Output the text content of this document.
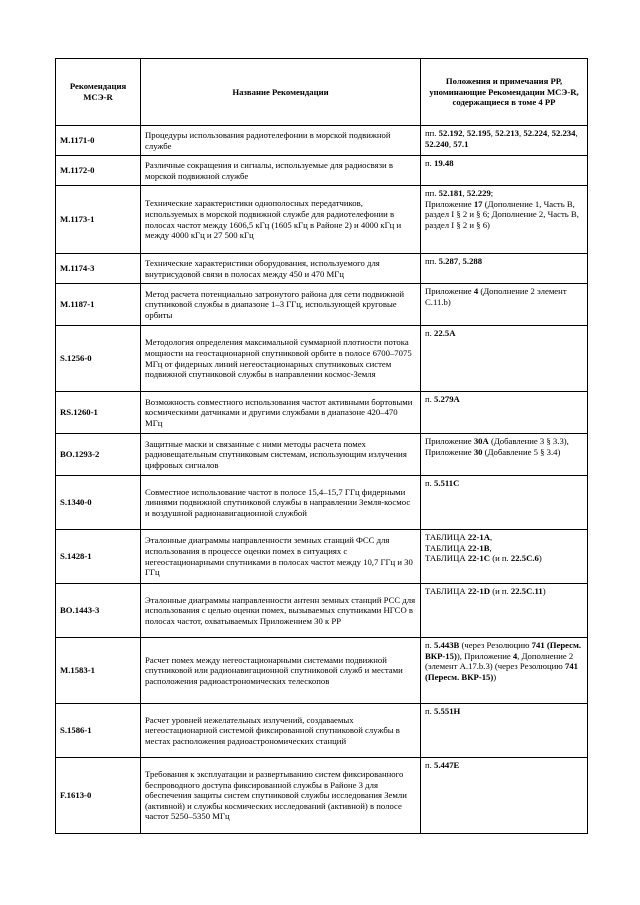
Рекомендация МСЭ-R	Название Рекомендации	Положения и примечания РР, упоминающие Рекомендации МСЭ-R, содержащиеся в томе 4 РР
M.1171-0	Процедуры использования радиотелефонии в морской подвижной службе	пп. 52.192, 52.195, 52.213, 52.224, 52.234, 52.240, 57.1
M.1172-0	Различные сокращения и сигналы, используемые для радиосвязи в морской подвижной службе	п. 19.48
M.1173-1	Технические характеристики однополосных передатчиков, используемых в морской подвижной службе для радиотелефонии в полосах частот между 1606,5 кГц (1605 кГц в Районе 2) и 4000 кГц и между 4000 кГц и 27 500 кГц	пп. 52.181, 52.229;
Приложение 17 (Дополнение 1, Часть B, раздел I § 2 и § 6; Дополнение 2, Часть B, раздел I § 2 и § 6)
M.1174-3	Технические характеристики оборудования, используемого для внутрисудовой связи в полосах между 450 и 470 МГц	пп. 5.287, 5.288
M.1187-1	Метод расчета потенциально затронутого района для сети подвижной спутниковой службы в диапазоне 1–3 ГГц, использующей круговые орбиты	Приложение 4 (Дополнение 2 элемент C.11.b)
S.1256-0	Методология определения максимальной суммарной плотности потока мощности на геостационарной спутниковой орбите в полосе 6700–7075 МГц от фидерных линий негеостационарных спутниковых систем подвижной спутниковой службы в направлении космос-Земля	п. 22.5A
RS.1260-1	Возможность совместного использования частот активными бортовыми космическими датчиками и другими службами в диапазоне 420–470 МГц	п. 5.279A
BO.1293-2	Защитные маски и связанные с ними методы расчета помех радиовещательным спутниковым системам, использующим излучения цифровых сигналов	Приложение 30A (Добавление 3 § 3.3), Приложение 30 (Добавление 5 § 3.4)
S.1340-0	Совместное использование частот в полосе 15,4–15,7 ГГц фидерными линиями подвижной спутниковой службы в направлении Земля-космос и воздушной радионавигационной службой	п. 5.511C
S.1428-1	Эталонные диаграммы направленности земных станций ФСС для использования в процессе оценки помех в ситуациях с негеостационарными спутниками в полосах частот между 10,7 ГГц и 30 ГГц	ТАБЛИЦА 22-1A,
ТАБЛИЦА 22-1B,
ТАБЛИЦА 22-1C (и п. 22.5C.6)
BO.1443-3	Эталонные диаграммы направленности антенн земных станций РСС для использования с целью оценки помех, вызываемых спутниками НГСО в полосах частот, охватываемых Приложением 30 к РР	ТАБЛИЦА 22-1D (и п. 22.5C.11)
M.1583-1	Расчет помех между негеостационарными системами подвижной спутниковой или радионавигационной спутниковой служб и местами расположения радиоастрономических телескопов	п. 5.443B (через Резолюцию 741 (Пересм. ВКР-15)), Приложение 4, Дополнение 2 (элемент A.17.b.3) (через Резолюцию 741 (Пересм. ВКР-15))
S.1586-1	Расчет уровней нежелательных излучений, создаваемых негеостационарной системой фиксированной спутниковой службы в местах расположения радиоастрономических станций	п. 5.551H
F.1613-0	Требования к эксплуатации и развертыванию систем фиксированного беспроводного доступа фиксированной службы в Районе 3 для обеспечения защиты систем спутниковой службы исследования Земли (активной) и службы космических исследований (активной) в полосе частот 5250–5350 МГц	п. 5.447E
